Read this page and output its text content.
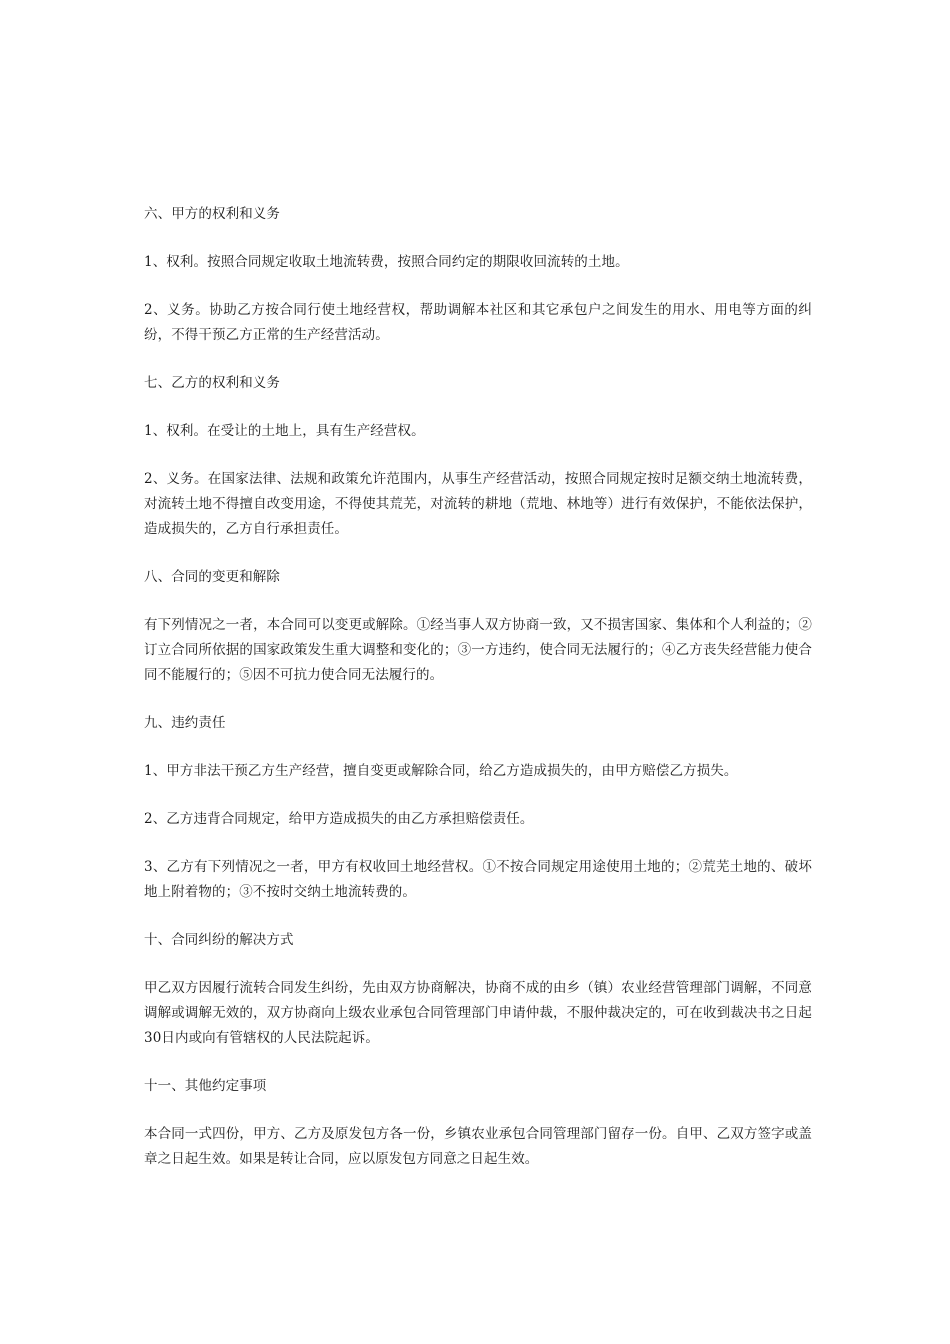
六、甲方的权利和义务

1、权利。按照合同规定收取土地流转费，按照合同约定的期限收回流转的土地。

2、义务。协助乙方按合同行使土地经营权，帮助调解本社区和其它承包户之间发生的用水、用电等方面的纠纷，不得干预乙方正常的生产经营活动。

七、乙方的权利和义务

1、权利。在受让的土地上，具有生产经营权。

2、义务。在国家法律、法规和政策允许范围内，从事生产经营活动，按照合同规定按时足额交纳土地流转费，对流转土地不得擅自改变用途，不得使其荒芜，对流转的耕地（荒地、林地等）进行有效保护，不能依法保护，造成损失的，乙方自行承担责任。

八、合同的变更和解除

有下列情况之一者，本合同可以变更或解除。①经当事人双方协商一致，又不损害国家、集体和个人利益的；②订立合同所依据的国家政策发生重大调整和变化的；③一方违约，使合同无法履行的；④乙方丧失经营能力使合同不能履行的；⑤因不可抗力使合同无法履行的。

九、违约责任

1、甲方非法干预乙方生产经营，擅自变更或解除合同，给乙方造成损失的，由甲方赔偿乙方损失。

2、乙方违背合同规定，给甲方造成损失的由乙方承担赔偿责任。

3、乙方有下列情况之一者，甲方有权收回土地经营权。①不按合同规定用途使用土地的；②荒芜土地的、破坏地上附着物的；③不按时交纳土地流转费的。

十、合同纠纷的解决方式

甲乙双方因履行流转合同发生纠纷，先由双方协商解决，协商不成的由乡（镇）农业经营管理部门调解，不同意调解或调解无效的，双方协商向上级农业承包合同管理部门申请仲裁，不服仲裁决定的，可在收到裁决书之日起30日内或向有管辖权的人民法院起诉。

十一、其他约定事项

本合同一式四份，甲方、乙方及原发包方各一份，乡镇农业承包合同管理部门留存一份。自甲、乙双方签字或盖章之日起生效。如果是转让合同，应以原发包方同意之日起生效。
